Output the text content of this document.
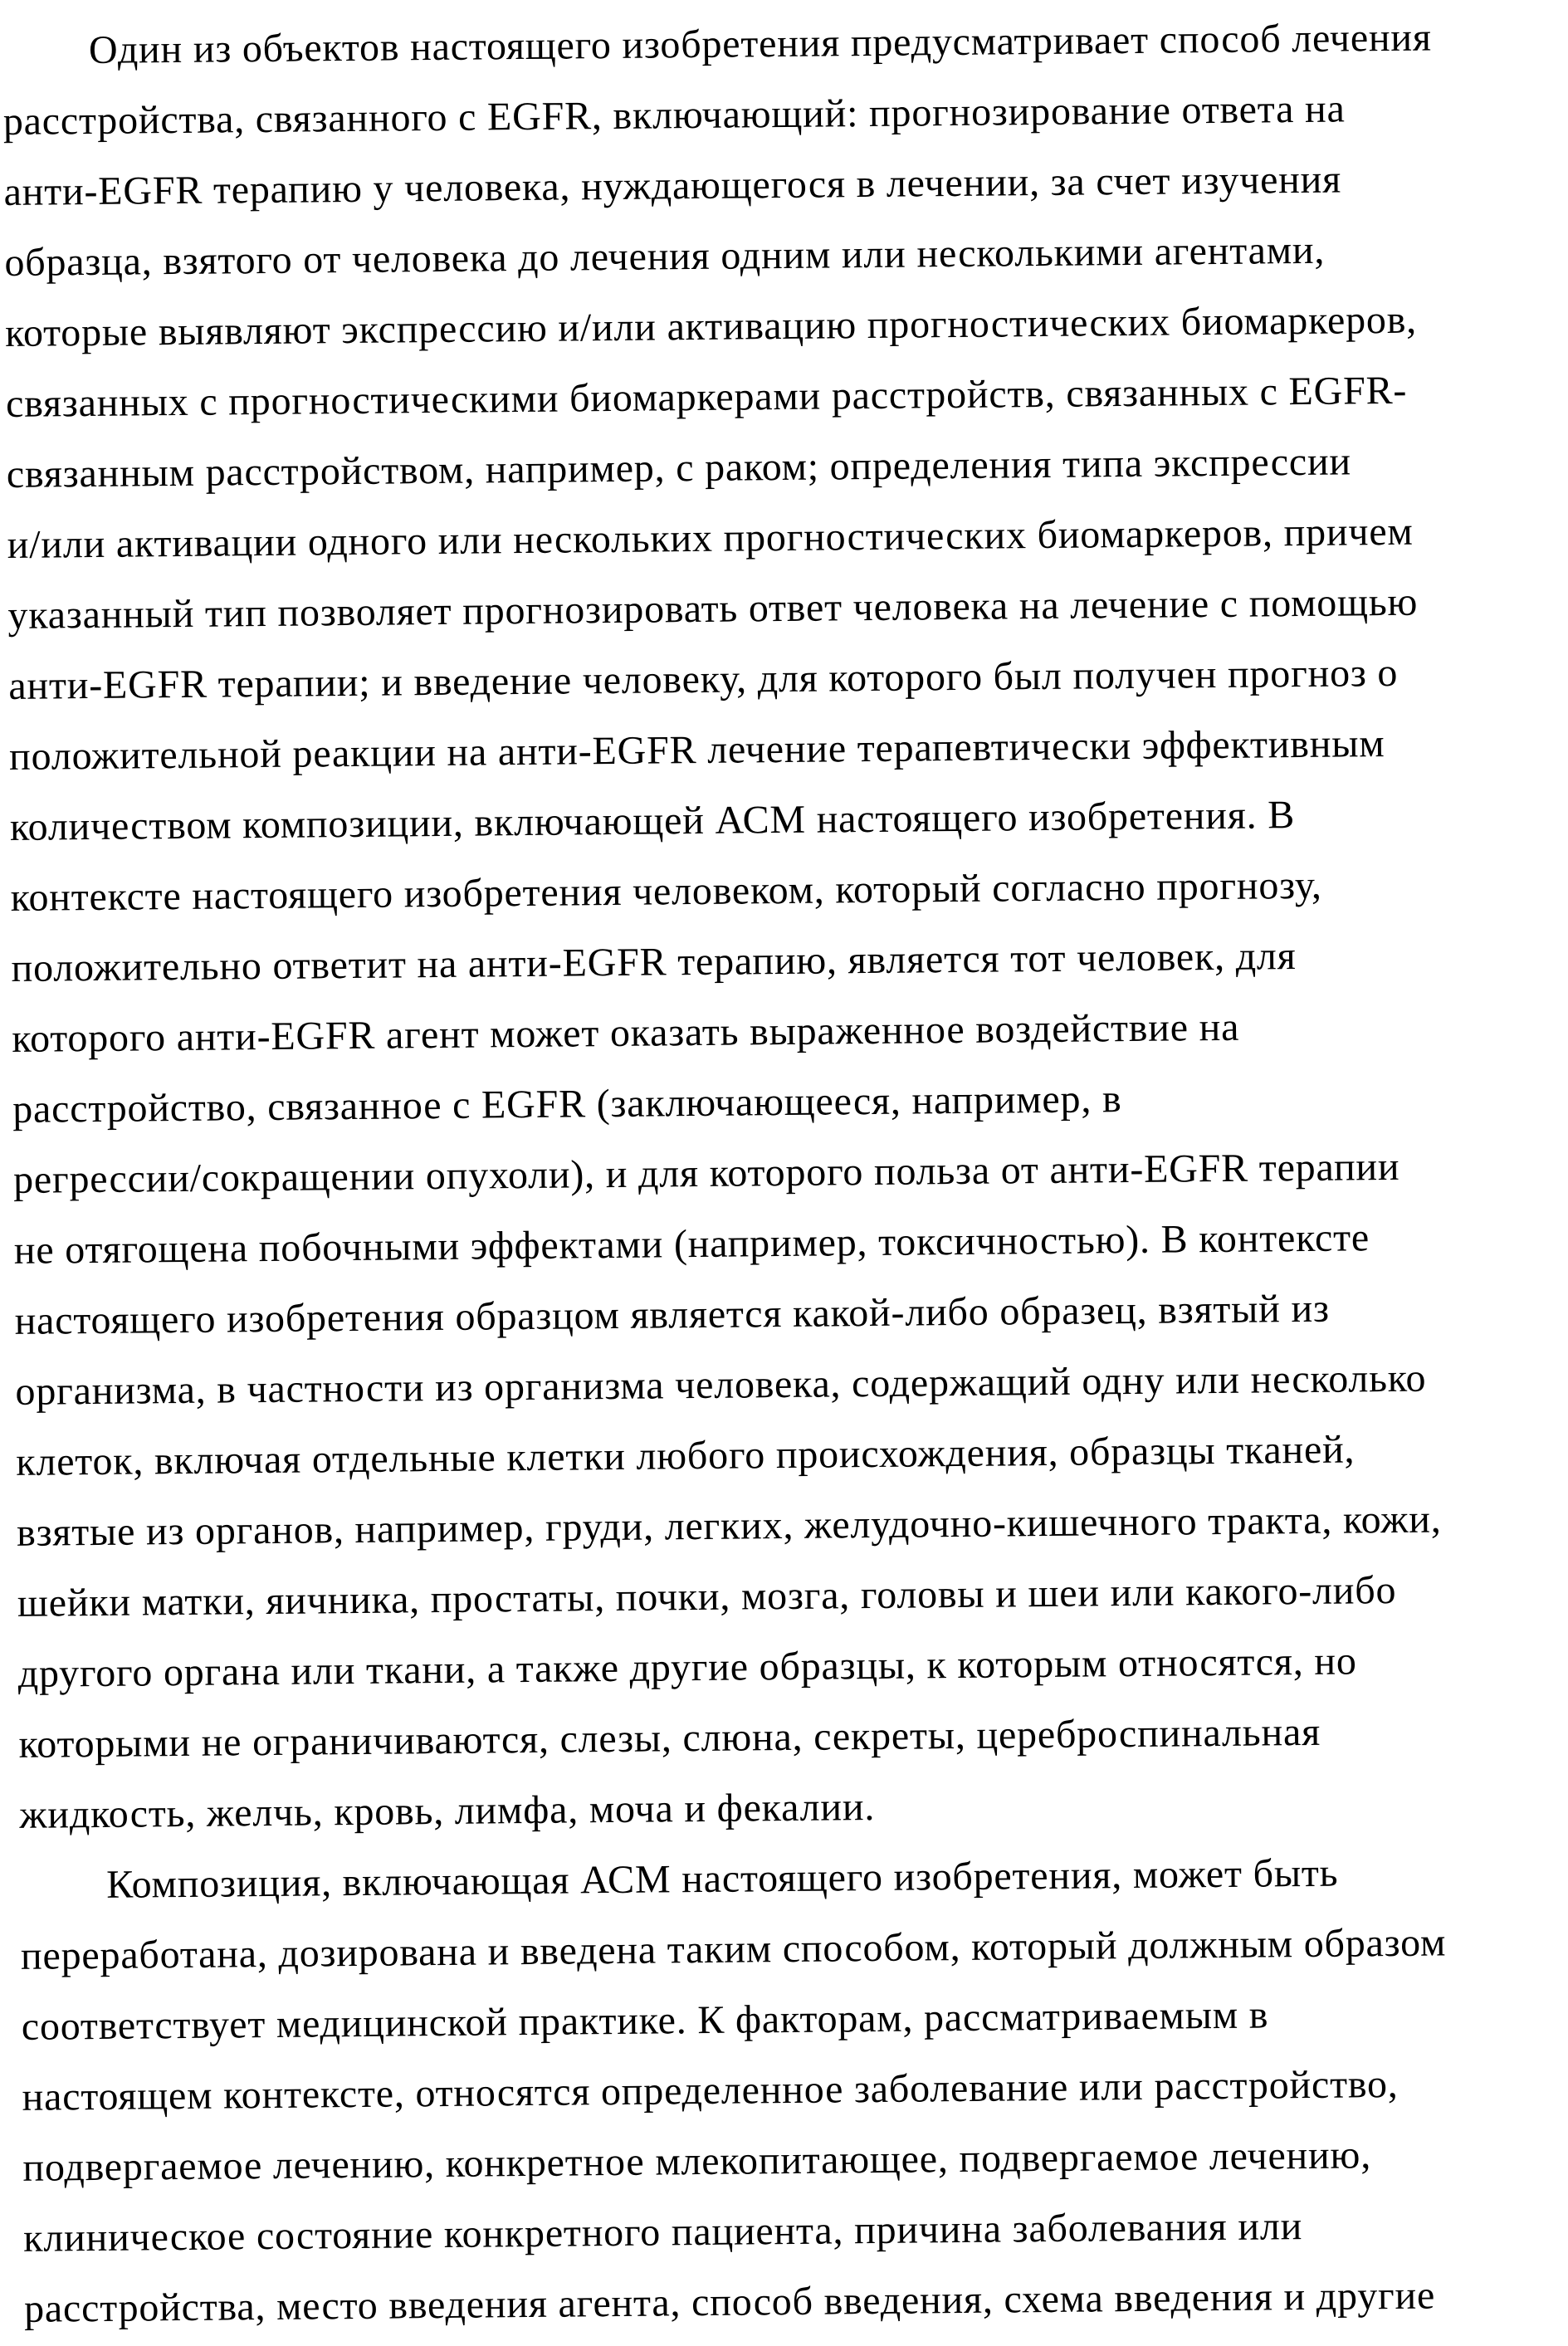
Один из объектов настоящего изобретения предусматривает способ лечения
расстройства, связанного с EGFR, включающий: прогнозирование ответа на
анти-EGFR терапию у человека, нуждающегося в лечении, за счет изучения
образца, взятого от человека до лечения одним или несколькими агентами,
которые выявляют экспрессию и/или активацию прогностических биомаркеров,
связанных с прогностическими биомаркерами расстройств, связанных с EGFR-
связанным расстройством, например, с раком; определения типа экспрессии
и/или активации одного или нескольких прогностических биомаркеров, причем
указанный тип позволяет прогнозировать ответ человека на лечение с помощью
анти-EGFR терапии; и введение человеку, для которого был получен прогноз о
положительной реакции на анти-EGFR лечение терапевтически эффективным
количеством композиции, включающей АСМ настоящего изобретения. В
контексте настоящего изобретения человеком, который согласно прогнозу,
положительно ответит на анти-EGFR терапию, является тот человек, для
которого анти-EGFR агент может оказать выраженное воздействие на
расстройство, связанное с EGFR (заключающееся, например, в
регрессии/сокращении опухоли), и для которого польза от анти-EGFR терапии
не отягощена побочными эффектами (например, токсичностью). В контексте
настоящего изобретения образцом является какой-либо образец, взятый из
организма, в частности из организма человека, содержащий одну или несколько
клеток, включая отдельные клетки любого происхождения, образцы тканей,
взятые из органов, например, груди, легких, желудочно-кишечного тракта, кожи,
шейки матки, яичника, простаты, почки, мозга, головы и шеи или какого-либо
другого органа или ткани, а также другие образцы, к которым относятся, но
которыми не ограничиваются, слезы, слюна, секреты, цереброспинальная
жидкость, желчь, кровь, лимфа, моча и фекалии.
Композиция, включающая АСМ настоящего изобретения, может быть
переработана, дозирована и введена таким способом, который должным образом
соответствует медицинской практике. К факторам, рассматриваемым в
настоящем контексте, относятся определенное заболевание или расстройство,
подвергаемое лечению, конкретное млекопитающее, подвергаемое лечению,
клиническое состояние конкретного пациента, причина заболевания или
расстройства, место введения агента, способ введения, схема введения и другие
